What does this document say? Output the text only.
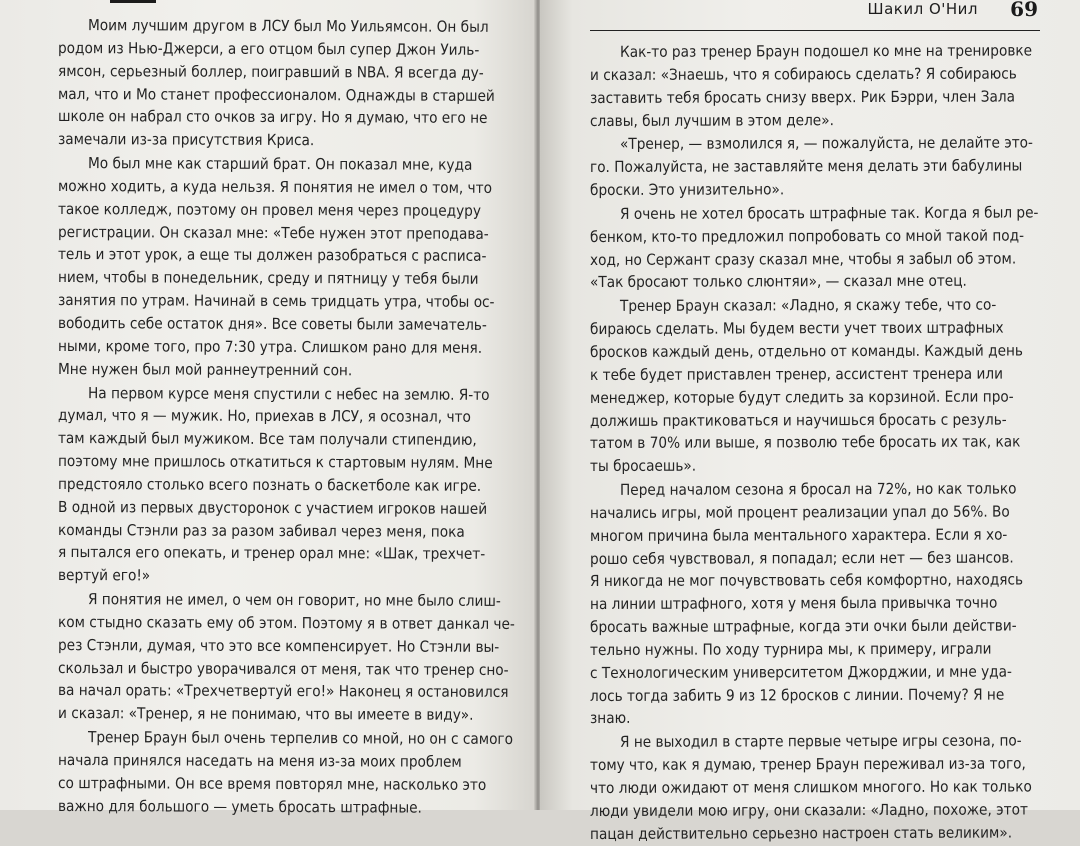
Моим лучшим другом в ЛСУ был Мо Уильямсон. Он был
родом из Нью-Джерси, а его отцом был супер Джон Уиль-
ямсон, серьезный боллер, поигравший в NBA. Я всегда ду-
мал, что и Мо станет профессионалом. Однажды в старшей
школе он набрал сто очков за игру. Но я думаю, что его не
замечали из-за присутствия Криса.

Мо был мне как старший брат. Он показал мне, куда
можно ходить, а куда нельзя. Я понятия не имел о том, что
такое колледж, поэтому он провел меня через процедуру
регистрации. Он сказал мне: «Тебе нужен этот преподава-
тель и этот урок, а еще ты должен разобраться с расписа-
нием, чтобы в понедельник, среду и пятницу у тебя были
занятия по утрам. Начинай в семь тридцать утра, чтобы ос-
вободить себе остаток дня». Все советы были замечатель-
ными, кроме того, про 7:30 утра. Слишком рано для меня.
Мне нужен был мой раннеутренний сон.

На первом курсе меня спустили с небес на землю. Я-то
думал, что я — мужик. Но, приехав в ЛСУ, я осознал, что
там каждый был мужиком. Все там получали стипендию,
поэтому мне пришлось откатиться к стартовым нулям. Мне
предстояло столько всего познать о баскетболе как игре.
В одной из первых двусторонок с участием игроков нашей
команды Стэнли раз за разом забивал через меня, пока
я пытался его опекать, и тренер орал мне: «Шак, трехчет-
вертуй его!»

Я понятия не имел, о чем он говорит, но мне было слиш-
ком стыдно сказать ему об этом. Поэтому я в ответ данкал че-
рез Стэнли, думая, что это все компенсирует. Но Стэнли вы-
скользал и быстро уворачивался от меня, так что тренер сно-
ва начал орать: «Трехчетвертуй его!» Наконец я остановился
и сказал: «Тренер, я не понимаю, что вы имеете в виду».

Тренер Браун был очень терпелив со мной, но он с самого
начала принялся наседать на меня из-за моих проблем
со штрафными. Он все время повторял мне, насколько это
важно для большого — уметь бросать штрафные.

Шакил О'Нил 69

Как-то раз тренер Браун подошел ко мне на тренировке
и сказал: «Знаешь, что я собираюсь сделать? Я собираюсь
заставить тебя бросать снизу вверх. Рик Бэрри, член Зала
славы, был лучшим в этом деле».

«Тренер, — взмолился я, — пожалуйста, не делайте это-
го. Пожалуйста, не заставляйте меня делать эти бабулины
броски. Это унизительно».

Я очень не хотел бросать штрафные так. Когда я был ре-
бенком, кто-то предложил попробовать со мной такой под-
ход, но Сержант сразу сказал мне, чтобы я забыл об этом.
«Так бросают только слюнтяи», — сказал мне отец.

Тренер Браун сказал: «Ладно, я скажу тебе, что со-
бираюсь сделать. Мы будем вести учет твоих штрафных
бросков каждый день, отдельно от команды. Каждый день
к тебе будет приставлен тренер, ассистент тренера или
менеджер, которые будут следить за корзиной. Если про-
должишь практиковаться и научишься бросать с резуль-
татом в 70% или выше, я позволю тебе бросать их так, как
ты бросаешь».

Перед началом сезона я бросал на 72%, но как только
начались игры, мой процент реализации упал до 56%. Во
многом причина была ментального характера. Если я хо-
рошо себя чувствовал, я попадал; если нет — без шансов.
Я никогда не мог почувствовать себя комфортно, находясь
на линии штрафного, хотя у меня была привычка точно
бросать важные штрафные, когда эти очки были действи-
тельно нужны. По ходу турнира мы, к примеру, играли
с Технологическим университетом Джорджии, и мне уда-
лось тогда забить 9 из 12 бросков с линии. Почему? Я не
знаю.

Я не выходил в старте первые четыре игры сезона, по-
тому что, как я думаю, тренер Браун переживал из-за того,
что люди ожидают от меня слишком многого. Но как только
люди увидели мою игру, они сказали: «Ладно, похоже, этот
пацан действительно серьезно настроен стать великим».
